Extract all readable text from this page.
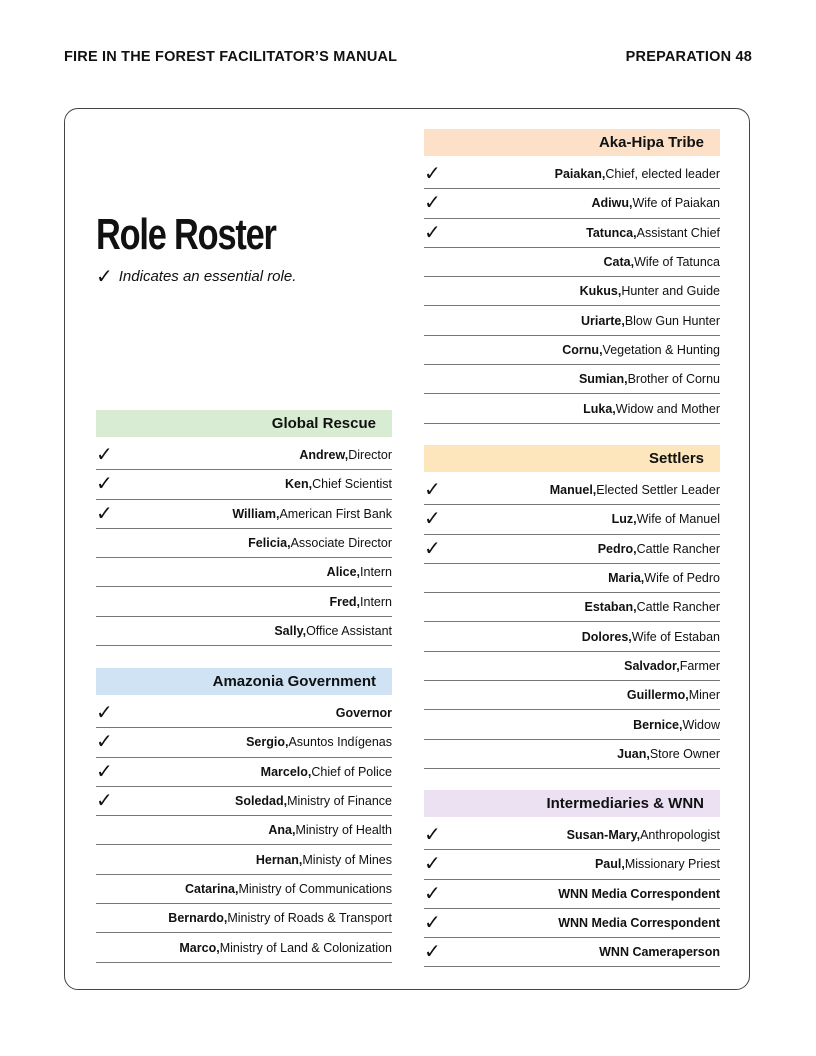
FIRE IN THE FOREST FACILITATOR’S MANUAL	PREPARATION 48
Role Roster
✓ Indicates an essential role.
Aka-Hipa Tribe
✓	Paiakan, Chief, elected leader
✓	Adiwu, Wife of Paiakan
✓	Tatunca, Assistant Chief
Cata, Wife of Tatunca
Kukus, Hunter and Guide
Uriarte, Blow Gun Hunter
Cornu, Vegetation & Hunting
Sumian, Brother of Cornu
Luka, Widow and Mother
Global Rescue
✓	Andrew, Director
✓	Ken, Chief Scientist
✓	William, American First Bank
Felicia, Associate Director
Alice, Intern
Fred, Intern
Sally, Office Assistant
Amazonia Government
✓	Governor
✓	Sergio, Asuntos Indígenas
✓	Marcelo, Chief of Police
✓	Soledad, Ministry of Finance
Ana, Ministry of Health
Hernan, Ministy of Mines
Catarina, Ministry of Communications
Bernardo, Ministry of Roads & Transport
Marco, Ministry of Land & Colonization
Settlers
✓	Manuel, Elected Settler Leader
✓	Luz, Wife of Manuel
✓	Pedro, Cattle Rancher
Maria, Wife of Pedro
Estaban, Cattle Rancher
Dolores, Wife of Estaban
Salvador, Farmer
Guillermo, Miner
Bernice, Widow
Juan, Store Owner
Intermediaries & WNN
✓	Susan-Mary, Anthropologist
✓	Paul, Missionary Priest
✓	WNN Media Correspondent
✓	WNN Media Correspondent
✓	WNN Cameraperson
